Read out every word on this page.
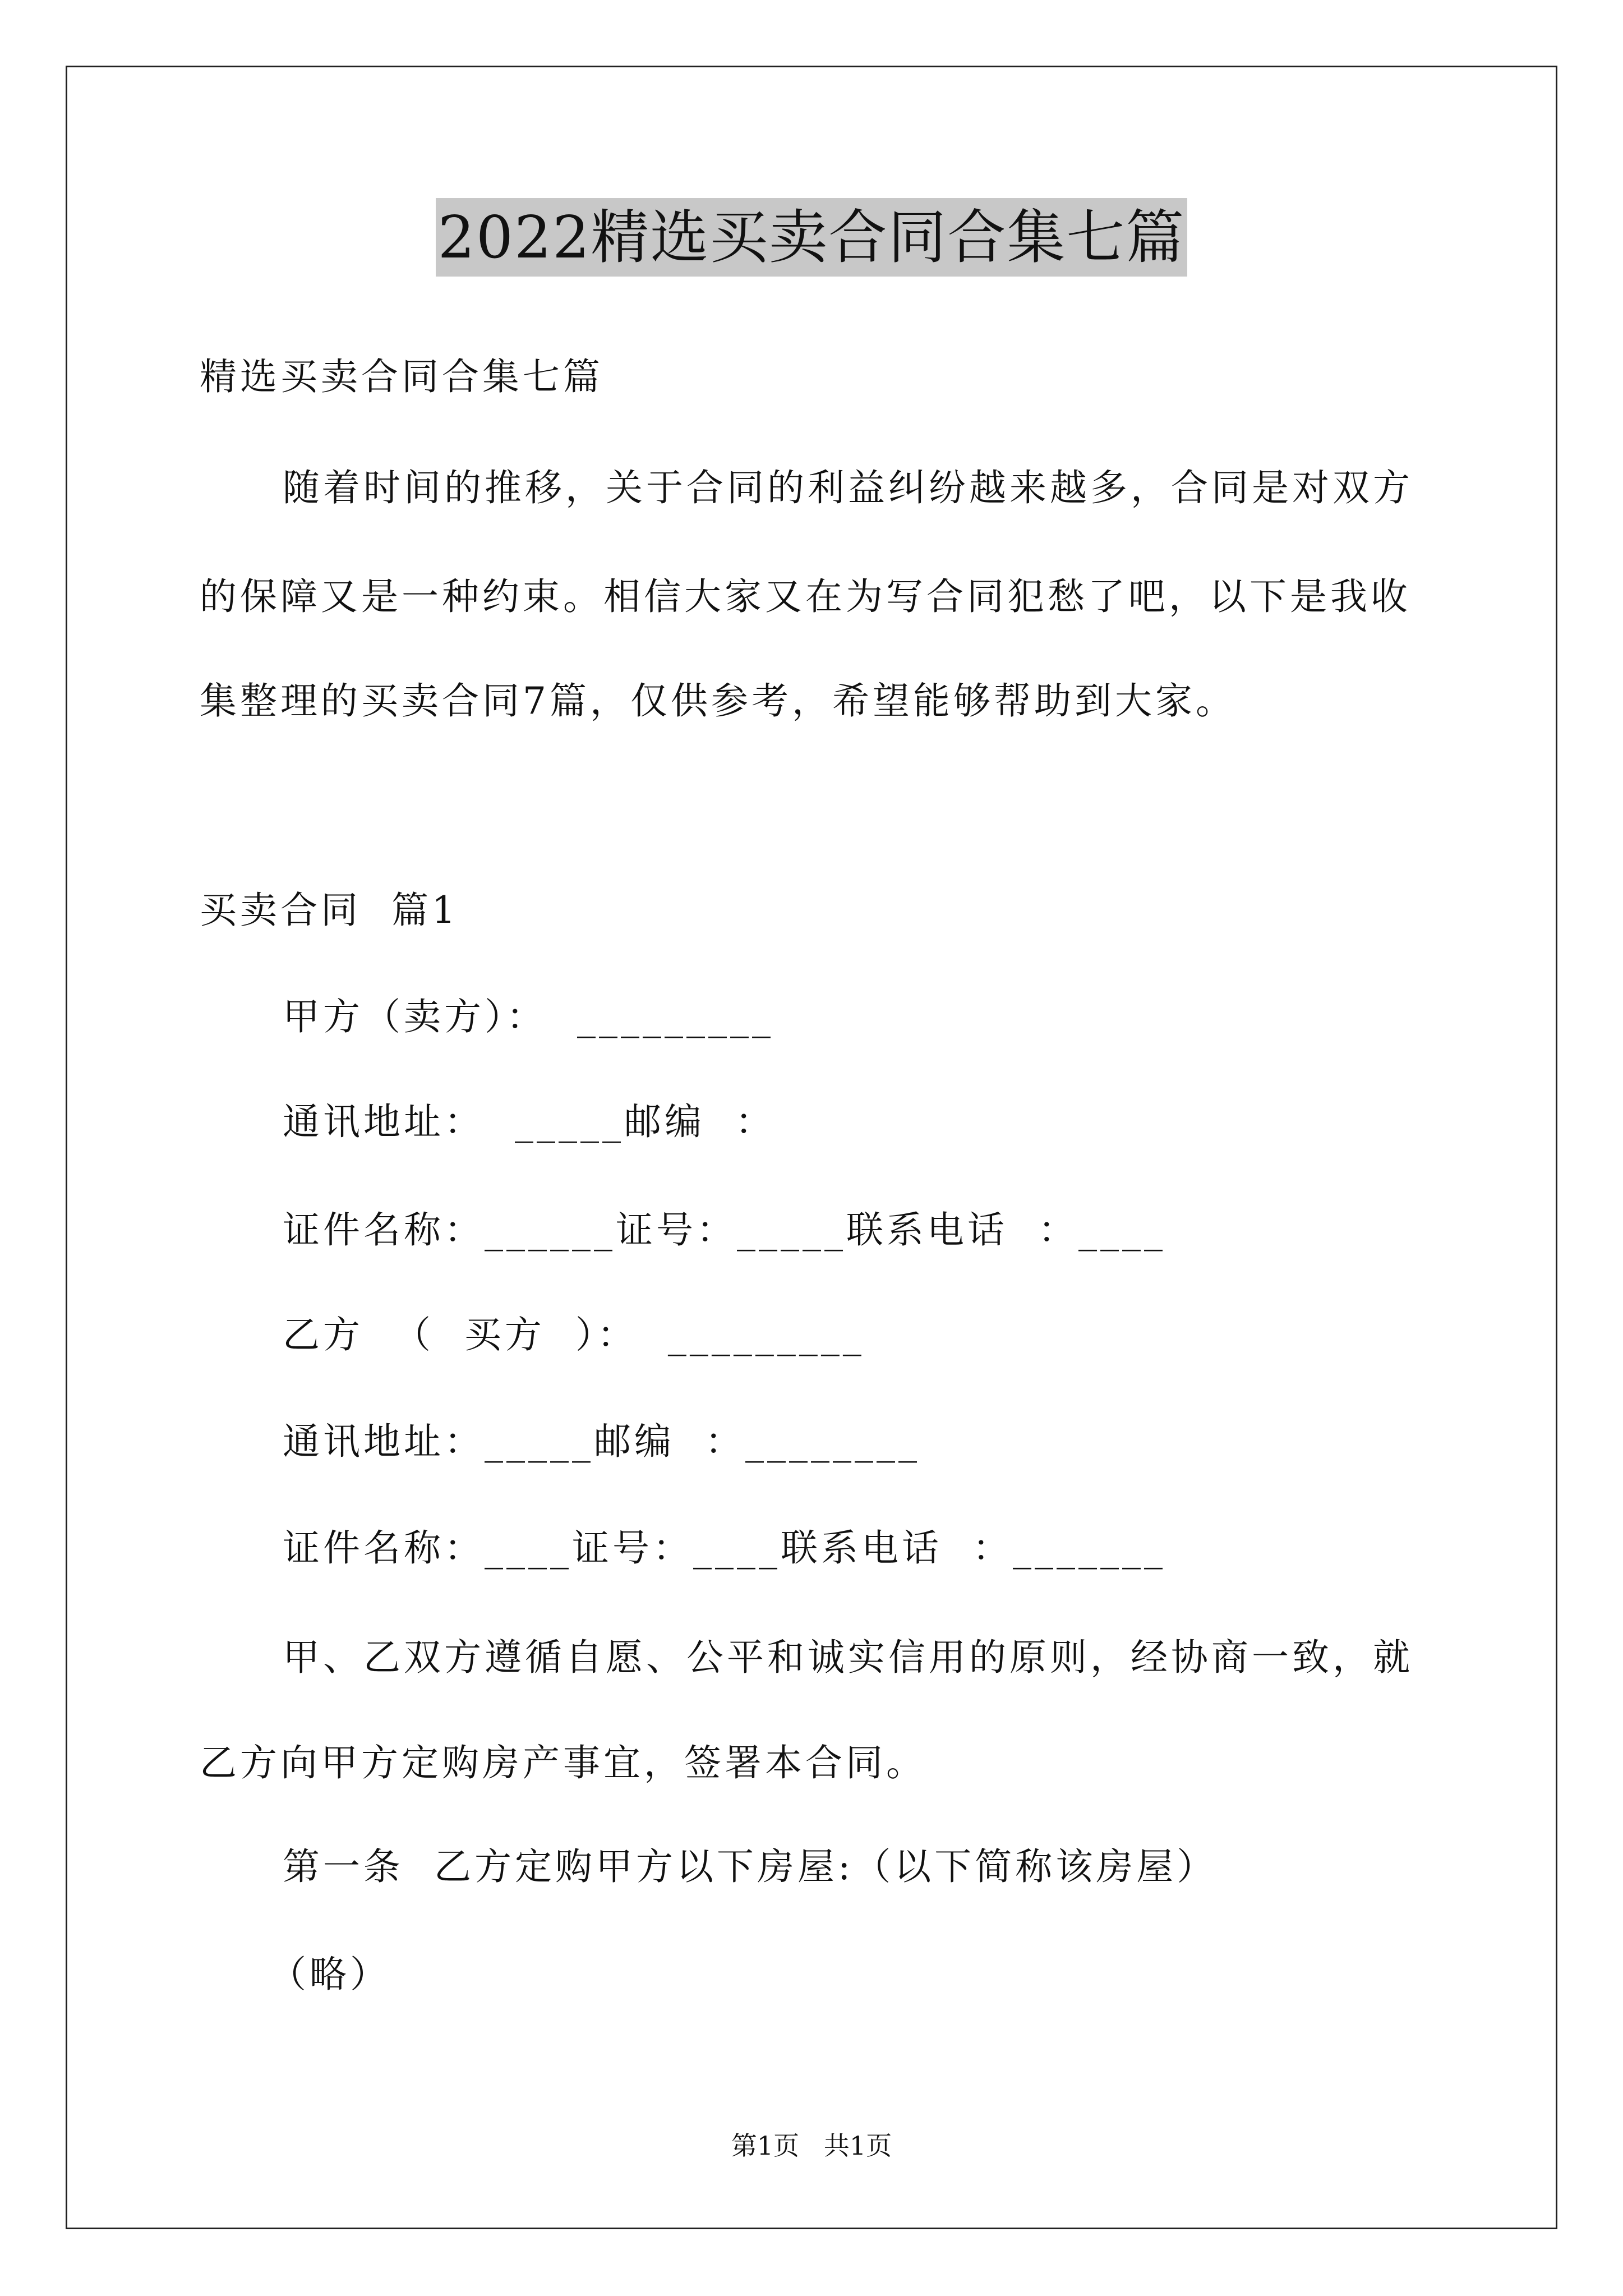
2022精选买卖合同合集七篇
精选买卖合同合集七篇
随着时间的推移，关于合同的利益纠纷越来越多，合同是对双方
的保障又是一种约束。相信大家又在为写合同犯愁了吧，以下是我收
集整理的买卖合同7篇，仅供参考，希望能够帮助到大家。
买卖合同  篇1
甲方（卖方）：  _________
通讯地址：  _____邮编  ：
证件名称：______证号：_____联系电话  ：____
乙方  （  买方  ）：  _________
通讯地址：_____邮编  ：________
证件名称：____证号：____联系电话  ：_______
甲、乙双方遵循自愿、公平和诚实信用的原则，经协商一致，就
乙方向甲方定购房产事宜，签署本合同。
第一条  乙方定购甲方以下房屋:（以下简称该房屋）
（略）
第1页   共1页
